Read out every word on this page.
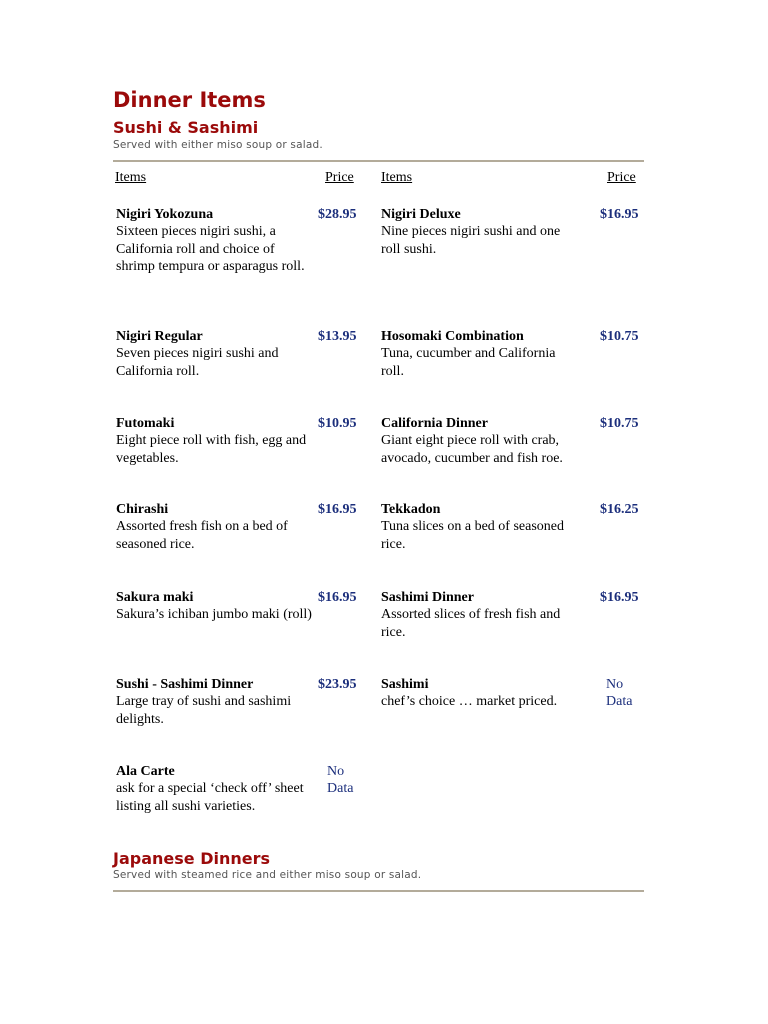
Dinner Items
Sushi & Sashimi
Served with either miso soup or salad.
Items	Price Items	Price
Nigiri Yokozuna
Sixteen pieces nigiri sushi, a California roll and choice of shrimp tempura or asparagus roll.
$28.95 Nigiri Deluxe
Nine pieces nigiri sushi and one roll sushi.
$16.95
Nigiri Regular
Seven pieces nigiri sushi and California roll.
$13.95 Hosomaki Combination
Tuna, cucumber and California roll.
$10.75
Futomaki
Eight piece roll with fish, egg and vegetables.
$10.95 California Dinner
Giant eight piece roll with crab, avocado, cucumber and fish roe.
$10.75
Chirashi
Assorted fresh fish on a bed of seasoned rice.
$16.95 Tekkadon
Tuna slices on a bed of seasoned rice.
$16.25
Sakura maki
Sakura’s ichiban jumbo maki (roll)
$16.95 Sashimi Dinner
Assorted slices of fresh fish and rice.
$16.95
Sushi - Sashimi Dinner
Large tray of sushi and sashimi delights.
$23.95 Sashimi
chef’s choice … market priced.
No Data
Ala Carte
ask for a special ‘check off’ sheet listing all sushi varieties.
No Data
Japanese Dinners
Served with steamed rice and either miso soup or salad.
